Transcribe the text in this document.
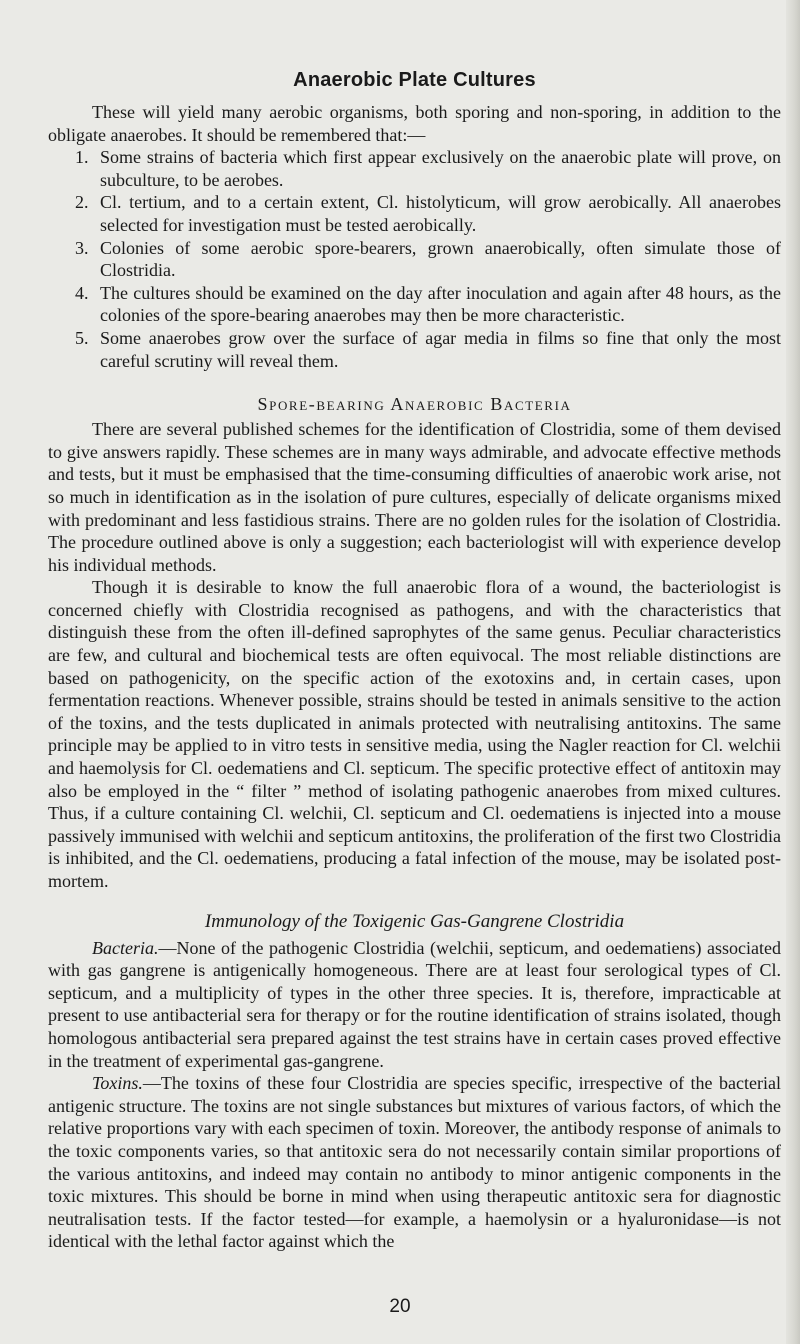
Anaerobic Plate Cultures

These will yield many aerobic organisms, both sporing and non-sporing, in addition to the obligate anaerobes. It should be remembered that:—

1. Some strains of bacteria which first appear exclusively on the anaerobic plate will prove, on subculture, to be aerobes.
2. Cl. tertium, and to a certain extent, Cl. histolyticum, will grow aerobically. All anaerobes selected for investigation must be tested aerobically.
3. Colonies of some aerobic spore-bearers, grown anaerobically, often simulate those of Clostridia.
4. The cultures should be examined on the day after inoculation and again after 48 hours, as the colonies of the spore-bearing anaerobes may then be more characteristic.
5. Some anaerobes grow over the surface of agar media in films so fine that only the most careful scrutiny will reveal them.
Spore-bearing Anaerobic Bacteria

There are several published schemes for the identification of Clostridia, some of them devised to give answers rapidly. These schemes are in many ways admirable, and advocate effective methods and tests, but it must be emphasised that the time-consuming difficulties of anaerobic work arise, not so much in identification as in the isolation of pure cultures, especially of delicate organisms mixed with predominant and less fastidious strains. There are no golden rules for the isolation of Clostridia. The procedure outlined above is only a suggestion; each bacteriologist will with experience develop his individual methods.

Though it is desirable to know the full anaerobic flora of a wound, the bacteriologist is concerned chiefly with Clostridia recognised as pathogens, and with the characteristics that distinguish these from the often ill-defined saprophytes of the same genus. Peculiar characteristics are few, and cultural and biochemical tests are often equivocal. The most reliable distinctions are based on pathogenicity, on the specific action of the exotoxins and, in certain cases, upon fermentation reactions. Whenever possible, strains should be tested in animals sensitive to the action of the toxins, and the tests duplicated in animals protected with neutralising antitoxins. The same principle may be applied to in vitro tests in sensitive media, using the Nagler reaction for Cl. welchii and haemolysis for Cl. oedematiens and Cl. septicum. The specific protective effect of antitoxin may also be employed in the “ filter ” method of isolating pathogenic anaerobes from mixed cultures. Thus, if a culture containing Cl. welchii, Cl. septicum and Cl. oedematiens is injected into a mouse passively immunised with welchii and septicum antitoxins, the proliferation of the first two Clostridia is inhibited, and the Cl. oedematiens, producing a fatal infection of the mouse, may be isolated post-mortem.

Immunology of the Toxigenic Gas-Gangrene Clostridia

Bacteria.—None of the pathogenic Clostridia (welchii, septicum, and oedematiens) associated with gas gangrene is antigenically homogeneous. There are at least four serological types of Cl. septicum, and a multiplicity of types in the other three species. It is, therefore, impracticable at present to use antibacterial sera for therapy or for the routine identification of strains isolated, though homologous antibacterial sera prepared against the test strains have in certain cases proved effective in the treatment of experimental gas-gangrene.

Toxins.—The toxins of these four Clostridia are species specific, irrespective of the bacterial antigenic structure. The toxins are not single substances but mixtures of various factors, of which the relative proportions vary with each specimen of toxin. Moreover, the antibody response of animals to the toxic components varies, so that antitoxic sera do not necessarily contain similar proportions of the various antitoxins, and indeed may contain no antibody to minor antigenic components in the toxic mixtures. This should be borne in mind when using therapeutic antitoxic sera for diagnostic neutralisation tests. If the factor tested—for example, a haemolysin or a hyaluronidase—is not identical with the lethal factor against which the

20
